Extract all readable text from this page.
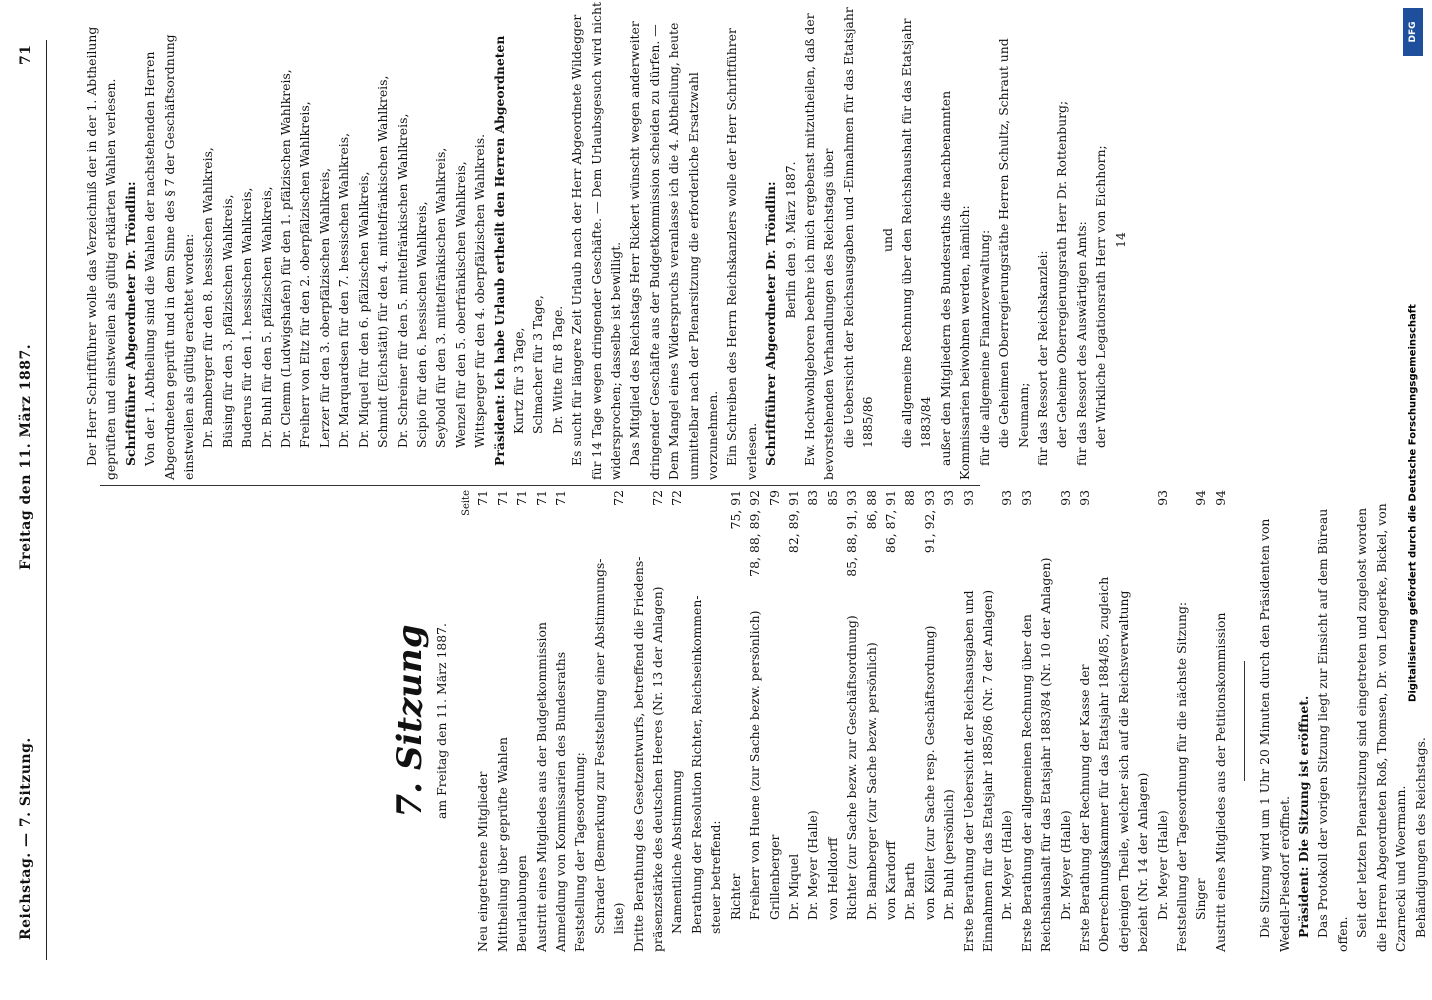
Reichstag. — 7. Sitzung.
Freitag den 11. März 1887.
71
7. Sitzung am Freitag den 11. März 1887.
Seite
Neu eingetretene Mitglieder
71
Mittheilung über geprüfte Wahlen
71
Beurlaubungen
71
Austritt eines Mitgliedes aus der Budgetkommission
71
Anmeldung von Kommissarien des Bundesraths
71
Feststellung der Tagesordnung: Schrader (Bemerkung zur Feststellung einer Abstimmungs- liste)
72
Dritte Berathung des Gesetzentwurfs, betreffend die Friedens- präsenzstärke des deutschen Heeres (Nr. 13 der Anlagen)
72
Namentliche Abstimmung
72
Berathung der Resolution Richter, Reichseinkommen- steuer betreffend: Richter
75, 91
Freiherr von Huene (zur Sache bezw. persönlich)
78, 88, 89, 92
Grillenberger
79
Dr. Miquel
82, 89, 91
Dr. Meyer (Halle)
83
von Helldorff
85
Richter (zur Sache bezw. zur Geschäftsordnung)
85, 88, 91, 93
Dr. Bamberger (zur Sache bezw. persönlich)
86, 88
von Kardorff
86, 87, 91
Dr. Barth
88
von Köller (zur Sache resp. Geschäftsordnung)
91, 92, 93
Dr. Buhl (persönlich)
93
Erste Berathung der Uebersicht der Reichsausgaben und Einnahmen für das Etatsjahr 1885/86 (Nr. 7 der Anlagen)
93
Dr. Meyer (Halle)
93
Erste Berathung der allgemeinen Rechnung über den Reichshaushalt für das Etatsjahr 1883/84 (Nr. 10 der Anlagen)
93
Dr. Meyer (Halle)
93
Erste Berathung der Rechnung der Kasse der Oberrechnungskammer für das Etatsjahr 1884/85, zugleich derjenigen Theile, welcher sich auf die Reichsverwaltung bezieht (Nr. 14 der Anlagen)
93
Dr. Meyer (Halle)
93
Feststellung der Tagesordnung für die nächste Sitzung: Singer
94
Austritt eines Mitgliedes aus der Petitionskommission
94
Die Sitzung wird um 1 Uhr 20 Minuten durch den Präsidenten von Wedell-Piesdorf eröffnet. Präsident: Die Sitzung ist eröffnet. Das Protokoll der vorigen Sitzung liegt zur Einsicht auf dem Büreau offen. Seit der letzten Plenarsitzung sind eingetreten und zugelost worden die Herren Abgeordneten Roß, Thomsen, Dr. von Lengerke, Bickel, von Czarnecki und Woermann. Behändigungen des Reichstags.
Der Herr Schriftführer wolle das Verzeichniß der in der 1. Abtheilung geprüften und einstweilen als gültig erklärten Wahlen verlesen. Schriftführer Abgeordneter Dr. Tröndlin: Von der 1. Abtheilung sind die Wahlen der nachstehenden Herren Abgeordneten geprüft und in dem Sinne des § 7 der Geschäftsordnung einstweilen als gültig erachtet worden: Dr. Bamberger für den 8. hessischen Wahlkreis, Büsing für den 3. pfälzischen Wahlkreis, Buderus für den 1. hessischen Wahlkreis, Dr. Buhl für den 5. pfälzischen Wahlkreis, Dr. Clemm (Ludwigshafen) für den 1. pfälzischen Wahlkreis, Freiherr von Eltz für den 2. oberpfälzischen Wahlkreis, Lerzer für den 3. oberpfälzischen Wahlkreis, Dr. Marquardsen für den 7. hessischen Wahlkreis, Dr. Miquel für den 6. pfälzischen Wahlkreis, Schmidt (Eichstätt) für den 4. mittelfränkischen Wahlkreis, Dr. Schreiner für den 5. mittelfränkischen Wahlkreis, Scipio für den 6. hessischen Wahlkreis, Seybold für den 3. mittelfränkischen Wahlkreis, Wenzel für den 5. oberfränkischen Wahlkreis, Wittsperger für den 4. oberpfälzischen Wahlkreis. Präsident: Ich habe Urlaub ertheilt den Herren Abgeordneten Kurtz für 3 Tage, Sclmacher für 3 Tage, Dr. Witte für 8 Tage. Es sucht für längere Zeit Urlaub nach der Herr Abgeordnete Wildegger für 14 Tage wegen dringender Geschäfte. — Dem Urlaubsgesuch wird nicht widersprochen; dasselbe ist bewilligt. Das Mitglied des Reichstags Herr Rickert wünscht wegen anderweiter dringender Geschäfte aus der Budgetkommission scheiden zu dürfen. — Dem Mangel eines Widerspruchs veranlasse ich die 4. Abtheilung, heute unmittelbar nach der Plenarsitzung die erforderliche Ersatzwahl vorzunehmen. Ein Schreiben des Herrn Reichskanzlers wolle der Herr Schriftführer verlesen. Schriftführer Abgeordneter Dr. Tröndlin: Berlin den 9. März 1887. Ew. Hochwohlgeboren beehre ich mich ergebenst mitzutheilen, daß der bevorstehenden Verhandlungen des Reichstags über die Uebersicht der Reichsausgaben und -Einnahmen für das Etatsjahr 1885/86
und die allgemeine Rechnung über den Reichshaushalt für das Etatsjahr 1883/84 außer den Mitgliedern des Bundesraths die nachbenannten Kommissarien beiwohnen werden, nämlich: für die allgemeine Finanzverwaltung: die Geheimen Oberregierungsräthe Herren Schultz, Schraut und Neumann; für das Ressort der Reichskanzlei: der Geheime Oberregierungsrath Herr Dr. Rottenburg; für das Ressort des Auswärtigen Amts: der Wirkliche Legationsrath Herr von Eichhorn; 14
DFG
Digitalisierung gefördert durch die Deutsche Forschungsgemeinschaft
